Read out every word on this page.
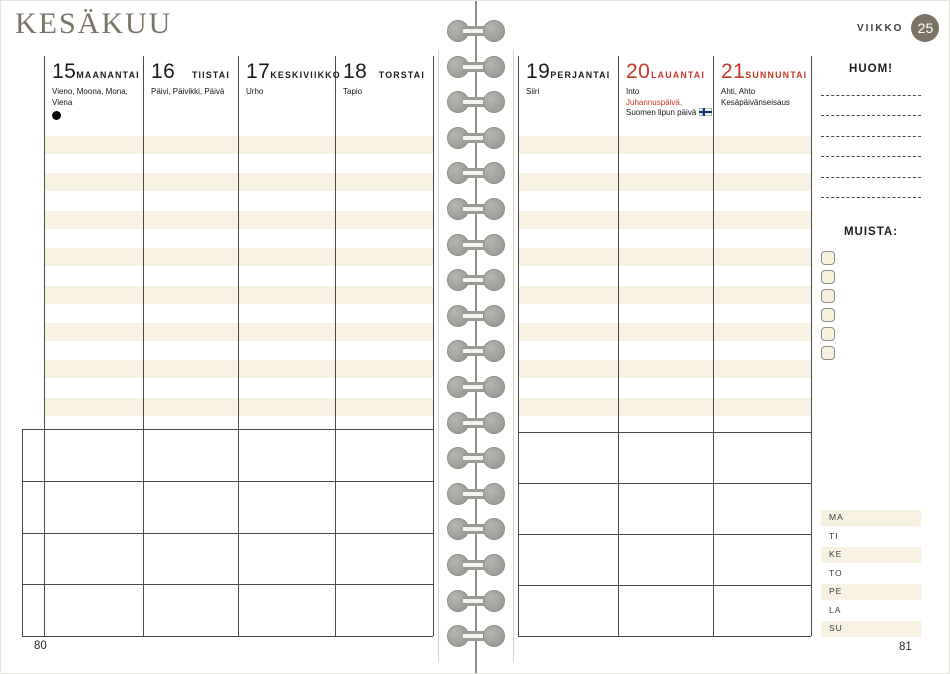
KESÄKUU	VIIKKO	25
15 MAANANTAI
Vieno, Moona, Mona, Viena
16 TIISTAI
Päivi, Päivikki, Päivä
17 KESKIVIIKKO
Urho
18 TORSTAI
Tapio
19 PERJANTAI
Siiri
20 LAUANTAI
Into
Juhannuspäivä,
Suomen lipun päivä
21 SUNNUNTAI
Ahti, Ahto
Kesäpäivänseisaus
HUOM!
MUISTA:
MA
TI
KE
TO
PE
LA
SU
80	81
